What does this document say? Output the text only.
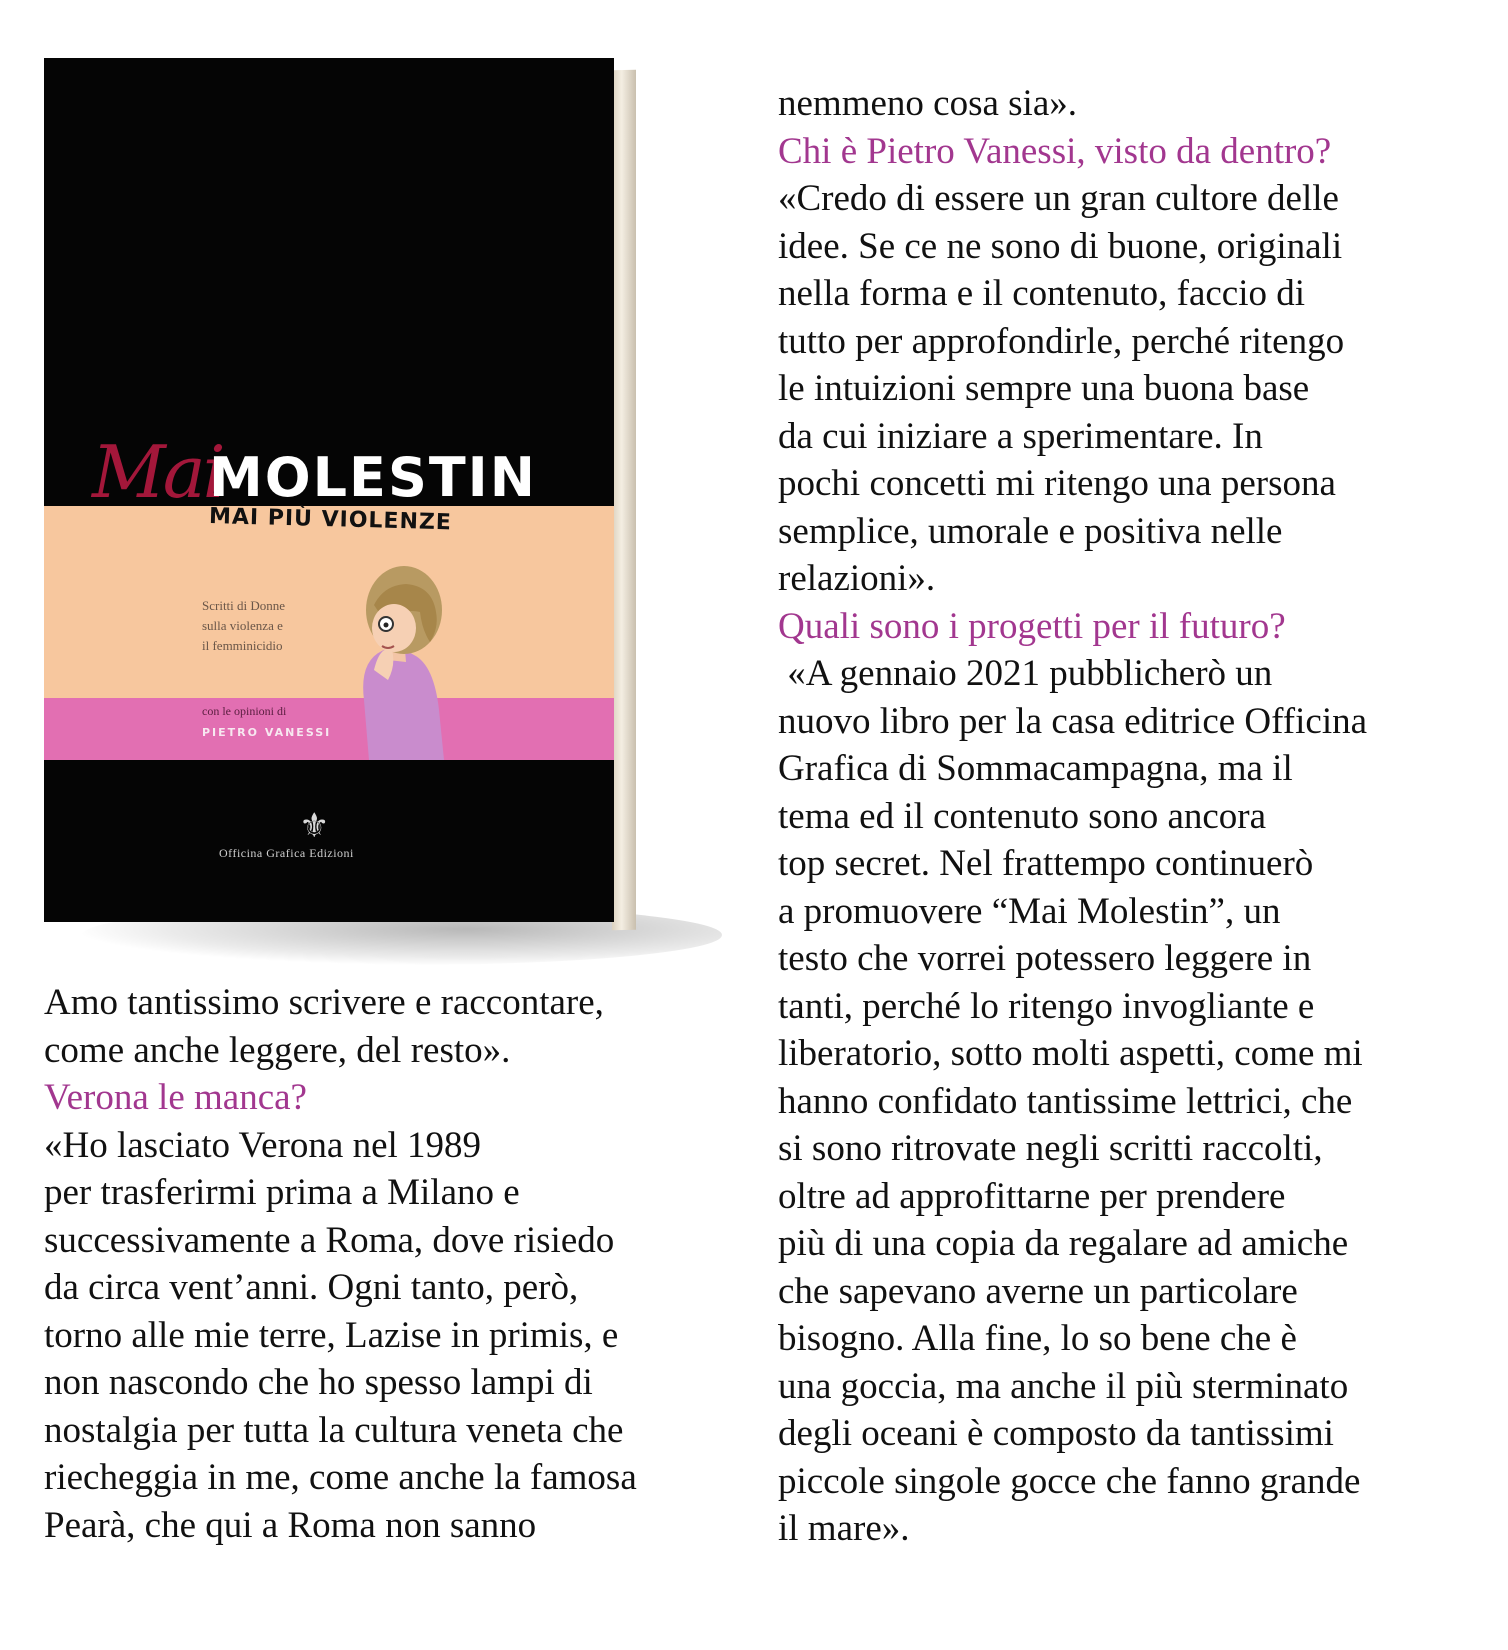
Mai
MOLESTIN
MAI PIÙ VIOLENZE
Scritti di Donne
sulla violenza e
il femminicidio
con le opinioni di
PIETRO VANESSI
⚜
Officina Grafica Edizioni
Amo tantissimo scrivere e raccontare,
come anche leggere, del resto».
Verona le manca?
«Ho lasciato Verona nel 1989
per trasferirmi prima a Milano e
successivamente a Roma, dove risiedo
da circa vent’anni. Ogni tanto, però,
torno alle mie terre, Lazise in primis, e
non nascondo che ho spesso lampi di
nostalgia per tutta la cultura veneta che
riecheggia in me, come anche la famosa
Pearà, che qui a Roma non sanno
nemmeno cosa sia».
Chi è Pietro Vanessi, visto da dentro?
«Credo di essere un gran cultore delle
idee. Se ce ne sono di buone, originali
nella forma e il contenuto, faccio di
tutto per approfondirle, perché ritengo
le intuizioni sempre una buona base
da cui iniziare a sperimentare. In
pochi concetti mi ritengo una persona
semplice, umorale e positiva nelle
relazioni».
Quali sono i progetti per il futuro?
«A gennaio 2021 pubblicherò un
nuovo libro per la casa editrice Officina
Grafica di Sommacampagna, ma il
tema ed il contenuto sono ancora
top secret. Nel frattempo continuerò
a promuovere “Mai Molestin”, un
testo che vorrei potessero leggere in
tanti, perché lo ritengo invogliante e
liberatorio, sotto molti aspetti, come mi
hanno confidato tantissime lettrici, che
si sono ritrovate negli scritti raccolti,
oltre ad approfittarne per prendere
più di una copia da regalare ad amiche
che sapevano averne un particolare
bisogno. Alla fine, lo so bene che è
una goccia, ma anche il più sterminato
degli oceani è composto da tantissimi
piccole singole gocce che fanno grande
il mare».
